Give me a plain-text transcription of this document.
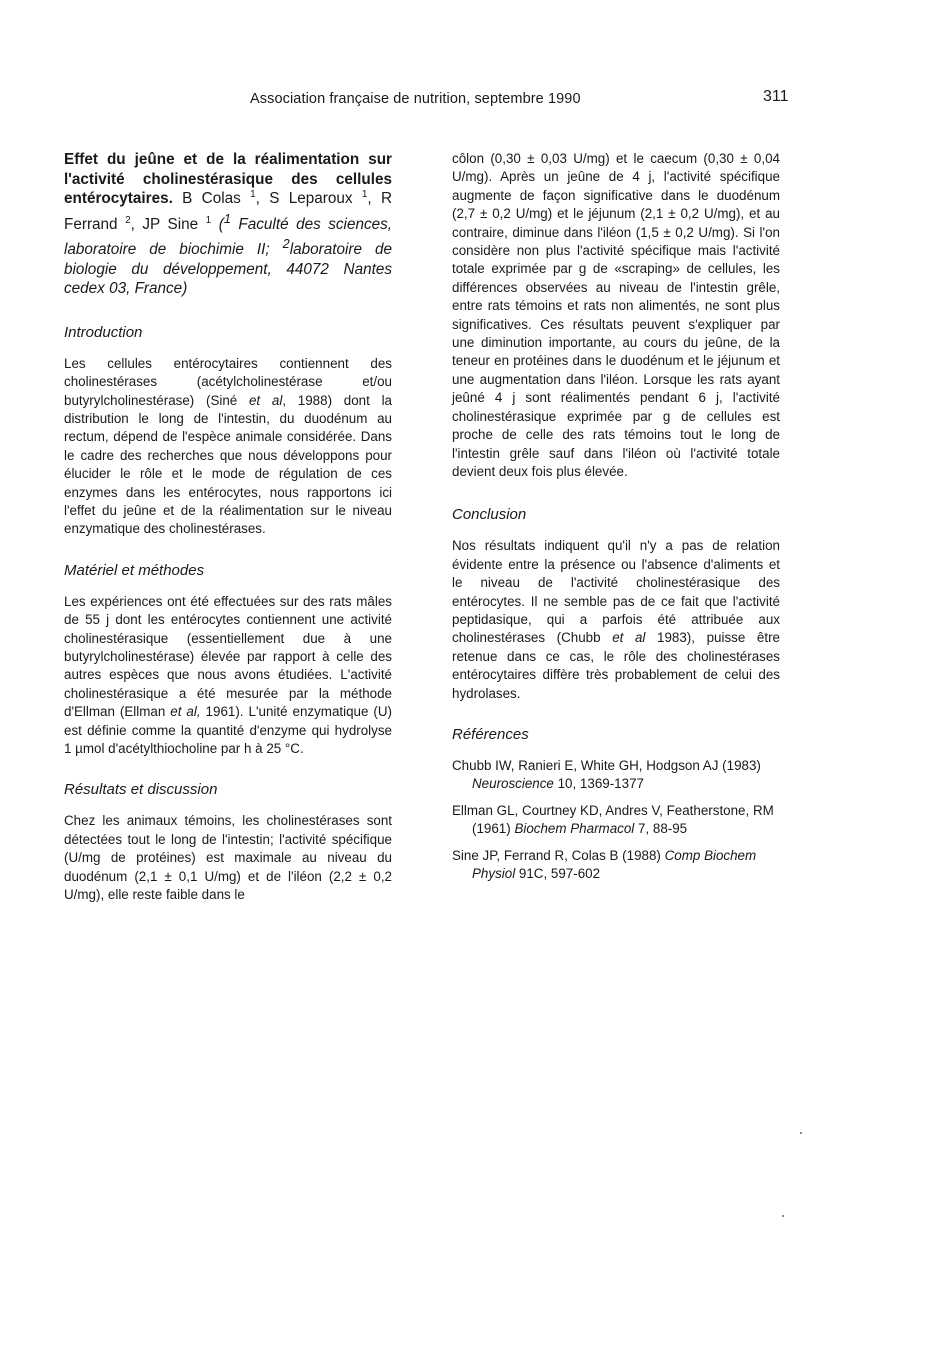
Association française de nutrition, septembre 1990	311

Effet du jeûne et de la réalimentation sur l'activité cholinestérasique des cellules entérocytaires. B Colas $^1$, S Leparoux $^1$, R Ferrand $^2$, JP Sine $^1$ ($^1$ Faculté des sciences, laboratoire de biochimie II; $^2$laboratoire de biologie du développement, 44072 Nantes cedex 03, France)

Introduction

Les cellules entérocytaires contiennent des cholinestérases (acétylcholinestérase et/ou butyrylcholinestérase) (Siné et al, 1988) dont la distribution le long de l'intestin, du duodénum au rectum, dépend de l'espèce animale considérée. Dans le cadre des recherches que nous développons pour élucider le rôle et le mode de régulation de ces enzymes dans les entérocytes, nous rapportons ici l'effet du jeûne et de la réalimentation sur le niveau enzymatique des cholinestérases.

Matériel et méthodes

Les expériences ont été effectuées sur des rats mâles de 55 j dont les entérocytes contiennent une activité cholinestérasique (essentiellement due à une butyrylcholinestérase) élevée par rapport à celle des autres espèces que nous avons étudiées. L'activité cholinestérasique a été mesurée par la méthode d'Ellman (Ellman et al, 1961). L'unité enzymatique (U) est définie comme la quantité d'enzyme qui hydrolyse 1 µmol d'acétylthiocholine par h à 25 °C.

Résultats et discussion

Chez les animaux témoins, les cholinestérases sont détectées tout le long de l'intestin; l'activité spécifique (U/mg de protéines) est maximale au niveau du duodénum (2,1 ± 0,1 U/mg) et de l'iléon (2,2 ± 0,2 U/mg), elle reste faible dans le

côlon (0,30 ± 0,03 U/mg) et le caecum (0,30 ± 0,04 U/mg). Après un jeûne de 4 j, l'activité spécifique augmente de façon significative dans le duodénum (2,7 ± 0,2 U/mg) et le jéjunum (2,1 ± 0,2 U/mg), et au contraire, diminue dans l'iléon (1,5 ± 0,2 U/mg). Si l'on considère non plus l'activité spécifique mais l'activité totale exprimée par g de «scraping» de cellules, les différences observées au niveau de l'intestin grêle, entre rats témoins et rats non alimentés, ne sont plus significatives. Ces résultats peuvent s'expliquer par une diminution importante, au cours du jeûne, de la teneur en protéines dans le duodénum et le jéjunum et une augmentation dans l'iléon. Lorsque les rats ayant jeûné 4 j sont réalimentés pendant 6 j, l'activité cholinestérasique exprimée par g de cellules est proche de celle des rats témoins tout le long de l'intestin grêle sauf dans l'iléon où l'activité totale devient deux fois plus élevée.

Conclusion

Nos résultats indiquent qu'il n'y a pas de relation évidente entre la présence ou l'absence d'aliments et le niveau de l'activité cholinestérasique des entérocytes. Il ne semble pas de ce fait que l'activité peptidasique, qui a parfois été attribuée aux cholinestérases (Chubb et al 1983), puisse être retenue dans ce cas, le rôle des cholinestérases entérocytaires diffère très probablement de celui des hydrolases.

Références

Chubb IW, Ranieri E, White GH, Hodgson AJ (1983) Neuroscience 10, 1369-1377

Ellman GL, Courtney KD, Andres V, Featherstone, RM (1961) Biochem Pharmacol 7, 88-95

Sine JP, Ferrand R, Colas B (1988) Comp Biochem Physiol 91C, 597-602
